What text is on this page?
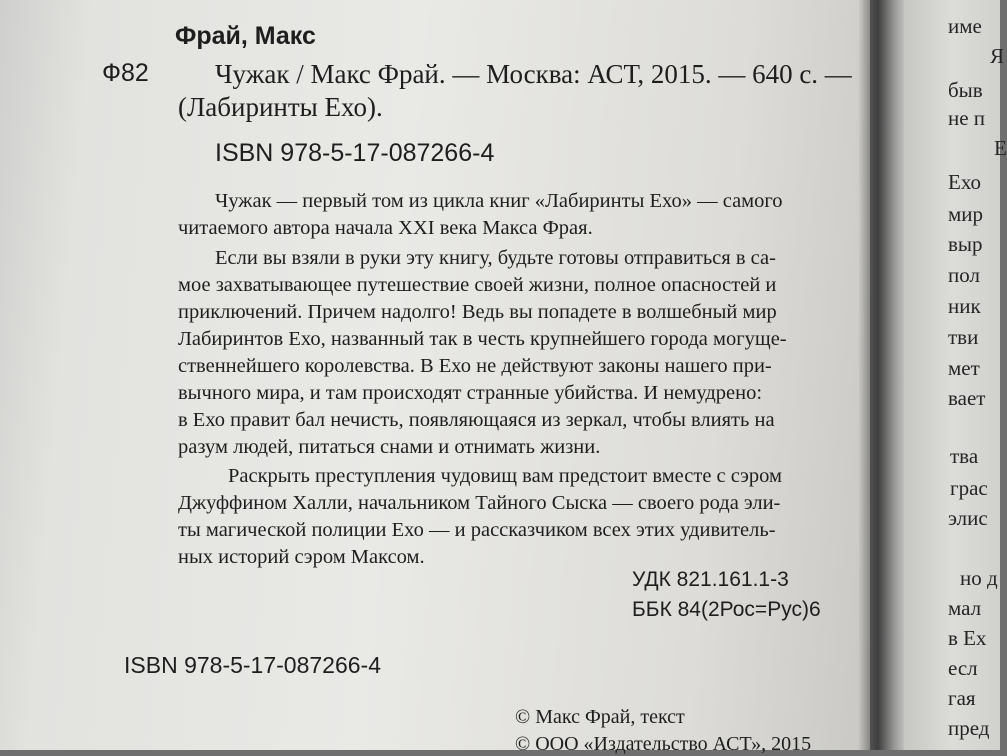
Фрай, Макс
Ф82 Чужак / Макс Фрай. — Москва: АСТ, 2015. — 640 с. —
(Лабиринты Ехо).
ISBN 978-5-17-087266-4
Чужак — первый том из цикла книг «Лабиринты Ехо» — самого
читаемого автора начала XXI века Макса Фрая.
Если вы взяли в руки эту книгу, будьте готовы отправиться в са-
мое захватывающее путешествие своей жизни, полное опасностей и
приключений. Причем надолго! Ведь вы попадете в волшебный мир
Лабиринтов Ехо, названный так в честь крупнейшего города могуще-
ственнейшего королевства. В Ехо не действуют законы нашего при-
вычного мира, и там происходят странные убийства. И немудрено:
в Ехо правит бал нечисть, появляющаяся из зеркал, чтобы влиять на
разум людей, питаться снами и отнимать жизни.
Раскрыть преступления чудовищ вам предстоит вместе с сэром
Джуффином Халли, начальником Тайного Сыска — своего рода эли-
ты магической полиции Ехо — и рассказчиком всех этих удивитель-
ных историй сэром Максом.
УДК 821.161.1-3
ББК 84(2Рос=Рус)6
ISBN 978-5-17-087266-4
© Макс Фрай, текст
© ООО «Издательство АСТ», 2015
име
Я
быв
не п
Е
Ехо
мир
выр
пол
ник
тви
мет
вает
тва
грас
элис
но д
мал
в Ех
есл
гая
пред
